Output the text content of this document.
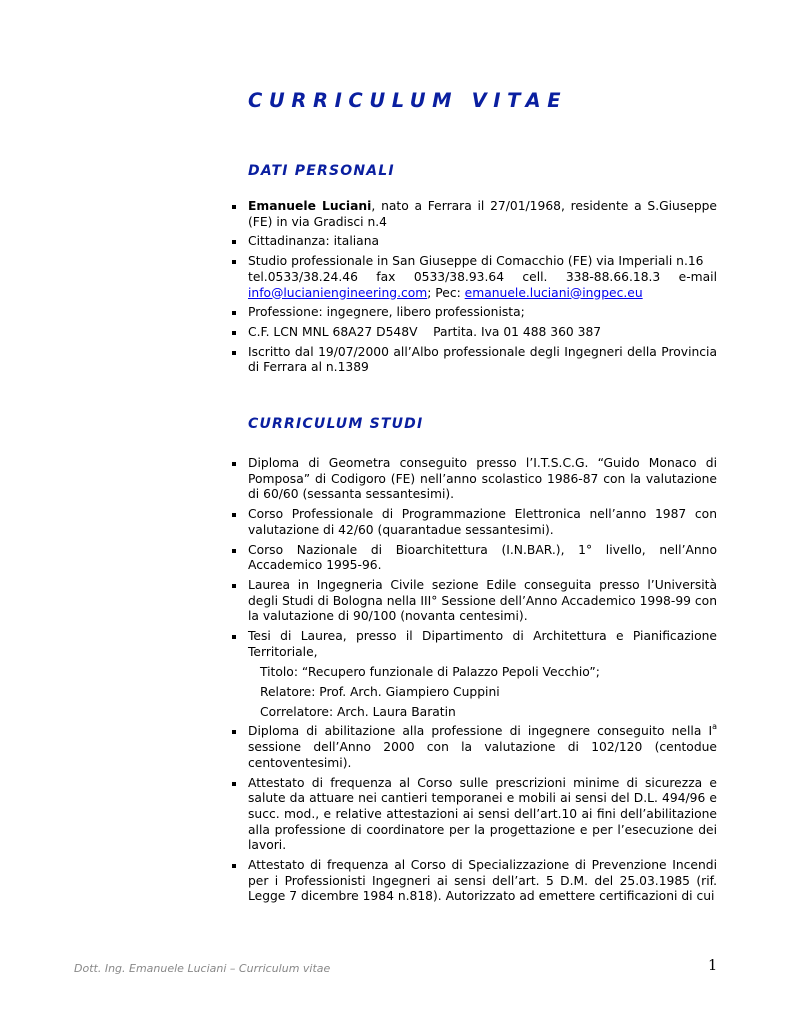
CURRICULUM VITAE
DATI PERSONALI
Emanuele Luciani, nato a Ferrara il 27/01/1968, residente a S.Giuseppe (FE) in via Gradisci n.4
Cittadinanza: italiana
Studio professionale in San Giuseppe di Comacchio (FE) via Imperiali n.16
tel.0533/38.24.46 fax 0533/38.93.64 cell. 338-88.66.18.3 e-mail
info@lucianiengineering.com; Pec: emanuele.luciani@ingpec.eu
Professione: ingegnere, libero professionista;
C.F. LCN MNL 68A27 D548V    Partita. Iva 01 488 360 387
Iscritto dal 19/07/2000 all’Albo professionale degli Ingegneri della Provincia di Ferrara al n.1389
CURRICULUM STUDI
Diploma di Geometra conseguito presso l’I.T.S.C.G. “Guido Monaco di Pomposa” di Codigoro (FE) nell’anno scolastico 1986-87 con la valutazione di 60/60 (sessanta sessantesimi).
Corso Professionale di Programmazione Elettronica nell’anno 1987 con valutazione di 42/60 (quarantadue sessantesimi).
Corso Nazionale di Bioarchitettura (I.N.BAR.), 1° livello, nell’Anno Accademico 1995-96.
Laurea in Ingegneria Civile sezione Edile conseguita presso l’Università degli Studi di Bologna nella III° Sessione dell’Anno Accademico 1998-99 con la valutazione di 90/100 (novanta centesimi).
Tesi di Laurea, presso il Dipartimento di Architettura e Pianificazione Territoriale,
Titolo: “Recupero funzionale di Palazzo Pepoli Vecchio”;
Relatore: Prof. Arch. Giampiero Cuppini
Correlatore: Arch. Laura Baratin
Diploma di abilitazione alla professione di ingegnere conseguito nella $I^a$ sessione dell’Anno 2000 con la valutazione di 102/120 (centodue centoventesimi).
Attestato di frequenza al Corso sulle prescrizioni minime di sicurezza e salute da attuare nei cantieri temporanei e mobili ai sensi del D.L. 494/96 e succ. mod., e relative attestazioni ai sensi dell’art.10 ai fini dell’abilitazione alla professione di coordinatore per la progettazione e per l’esecuzione dei lavori.
Attestato di frequenza al Corso di Specializzazione di Prevenzione Incendi per i Professionisti Ingegneri ai sensi dell’art. 5 D.M. del 25.03.1985 (rif. Legge 7 dicembre 1984 n.818). Autorizzato ad emettere certificazioni di cui
Dott. Ing. Emanuele Luciani – Curriculum vitae	1
